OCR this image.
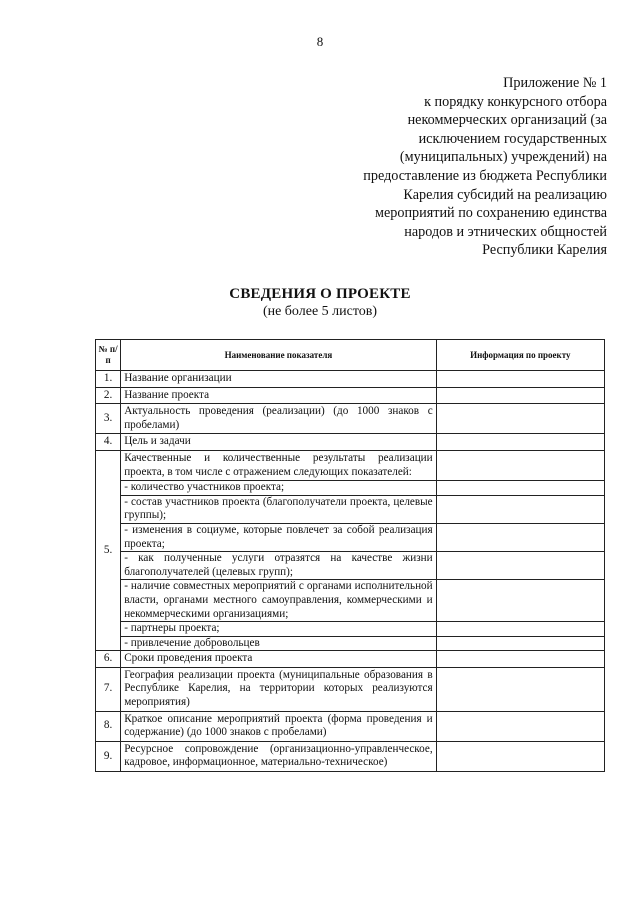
8
Приложение № 1
к порядку конкурсного отбора
некоммерческих организаций (за
исключением государственных
(муниципальных) учреждений) на
предоставление из бюджета Республики
Карелия субсидий на реализацию
мероприятий по сохранению единства
народов и этнических общностей
Республики Карелия
СВЕДЕНИЯ О ПРОЕКТЕ
(не более 5 листов)
№ п/п	Наименование показателя	Информация по проекту
1.	Название организации	
2.	Название проекта	
3.	Актуальность проведения (реализации) (до 1000 знаков с пробелами)	
4.	Цель и задачи	
5.	Качественные и количественные результаты реализации проекта, в том числе с отражением следующих показателей:	
	- количество участников проекта;	
	- состав участников проекта (благополучатели проекта, целевые группы);	
	- изменения в социуме, которые повлечет за собой реализация проекта;	
	- как полученные услуги отразятся на качестве жизни благополучателей (целевых групп);	
	- наличие совместных мероприятий с органами исполнительной власти, органами местного самоуправления, коммерческими и некоммерческими организациями;	
	- партнеры проекта;	
	- привлечение добровольцев	
6.	Сроки проведения проекта	
7.	География реализации проекта (муниципальные образования в Республике Карелия, на территории которых реализуются мероприятия)	
8.	Краткое описание мероприятий проекта (форма проведения и содержание) (до 1000 знаков с пробелами)	
9.	Ресурсное сопровождение (организационно-управленческое, кадровое, информационное, материально-техническое)	
